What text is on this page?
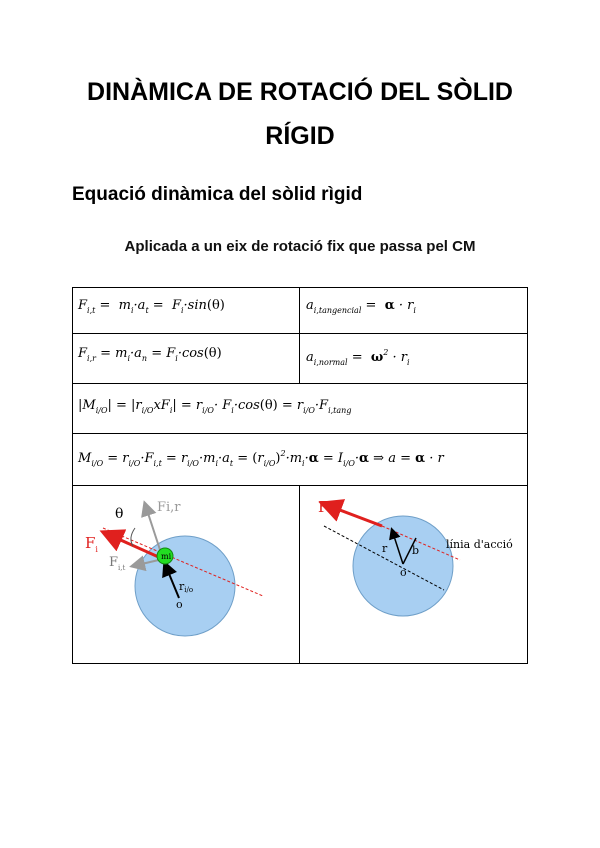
DINÀMICA DE ROTACIÓ DEL SÒLID
RÍGID
Equació dinàmica del sòlid rìgid
Aplicada a un eix de rotació fix que passa pel CM
$F_{i,t} = m_i\cdot a_t = F_i\cdot\sin(\theta)$	$a_{i,tangencial} = \alpha \cdot r_i$
$F_{i,r} = m_i\cdot a_n = F_i\cdot\cos(\theta)$	$a_{i,normal} = \omega^2 \cdot r_i$
$|M_{i/O}| = |r_{i/O}xF_i| = r_{i/O}\cdot F_i\cdot\cos(\theta) = r_{i/O}\cdot F_{i,tang}$
$M_{i/O} = r_{i/O}\cdot F_{i,t} = r_{i/O}\cdot m_i\cdot a_t = (r_{i/O})^2\cdot m_i\cdot\alpha = I_{i/O}\cdot\alpha$ ⇒ a = α · r
mi
θ	Fi,r
$F_i$
$F_{i,t}$
ri/o
o
F
r b
o
línia d'acció
